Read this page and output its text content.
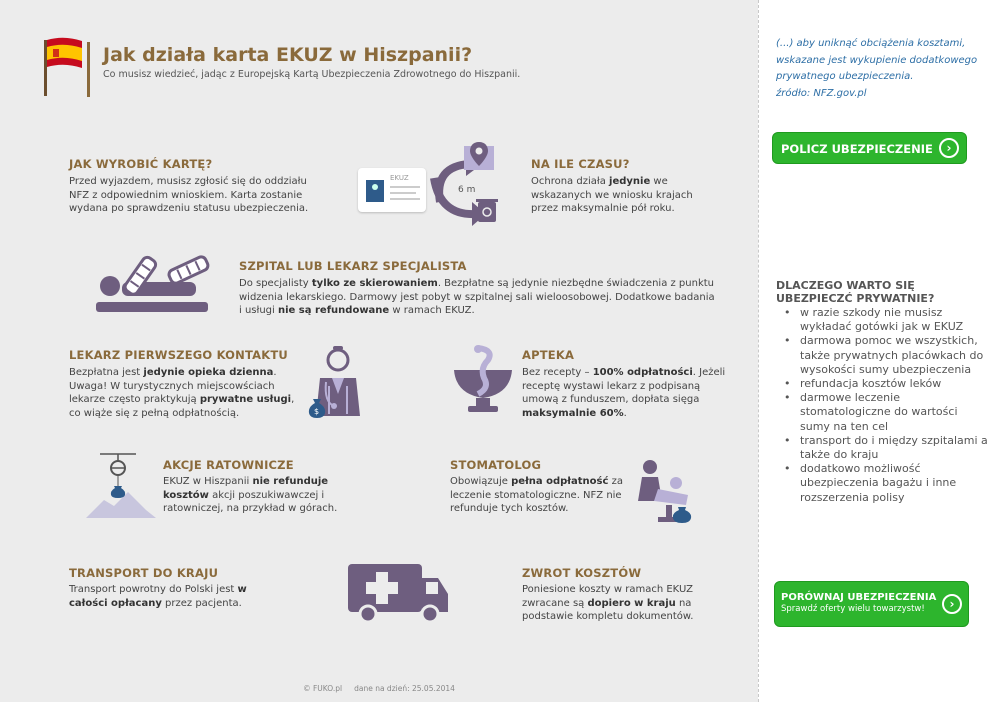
Jak działa karta EKUZ w Hiszpanii?
Co musisz wiedzieć, jadąc z Europejską Kartą Ubezpieczenia Zdrowotnego do Hiszpanii.
JAK WYROBIĆ KARTĘ?
Przed wyjazdem, musisz zgłosić się do oddziału NFZ z odpowiednim wnioskiem. Karta zostanie wydana po sprawdzeniu statusu ubezpieczenia.
EKUZ
6 m
NA ILE CZASU?
Ochrona działa jedynie we wskazanych we wniosku krajach przez maksymalnie pół roku.
SZPITAL LUB LEKARZ SPECJALISTA
Do specjalisty tylko ze skierowaniem. Bezpłatne są jedynie niezbędne świadczenia z punktu widzenia lekarskiego. Darmowy jest pobyt w szpitalnej sali wieloosobowej. Dodatkowe badania i usługi nie są refundowane w ramach EKUZ.
LEKARZ PIERWSZEGO KONTAKTU
Bezpłatna jest jedynie opieka dzienna. Uwaga! W turystycznych miejscowściach lekarze często praktykują prywatne usługi, co wiąże się z pełną odpłatnością.	$
APTEKA
Bez recepty – 100% odpłatności. Jeżeli receptę wystawi lekarz z podpisaną umową z funduszem, dopłata sięga maksymalnie 60%.
AKCJE RATOWNICZE
EKUZ w Hiszpanii nie refunduje kosztów akcji poszukiwawczej i ratowniczej, na przykład w górach.
STOMATOLOG
Obowiązuje pełna odpłatność za leczenie stomatologiczne. NFZ nie refunduje tych kosztów.
TRANSPORT DO KRAJU
Transport powrotny do Polski jest w całości opłacany przez pacjenta.
ZWROT KOSZTÓW
Poniesione koszty w ramach EKUZ zwracane są dopiero w kraju na podstawie kompletu dokumentów.
© FUKO.pl dane na dzień: 25.05.2014
(...) aby uniknąć obciążenia kosztami, wskazane jest wykupienie dodatkowego prywatnego ubezpieczenia.
źródło: NFZ.gov.pl
POLICZ UBEZPIECZENIE	›
DLACZEGO WARTO SIĘ UBEZPIECZĆ PRYWATNIE?
• w razie szkody nie musisz wykładać gotówki jak w EKUZ
• darmowa pomoc we wszystkich, także prywatnych placówkach do wysokości sumy ubezpieczenia
• refundacja kosztów leków
• darmowe leczenie stomatologiczne do wartości sumy na ten cel
• transport do i między szpitalami a także do kraju
• dodatkowo możliwość ubezpieczenia bagażu i inne rozszerzenia polisy
PORÓWNAJ UBEZPIECZENIA
Sprawdź oferty wielu towarzystw!	›
